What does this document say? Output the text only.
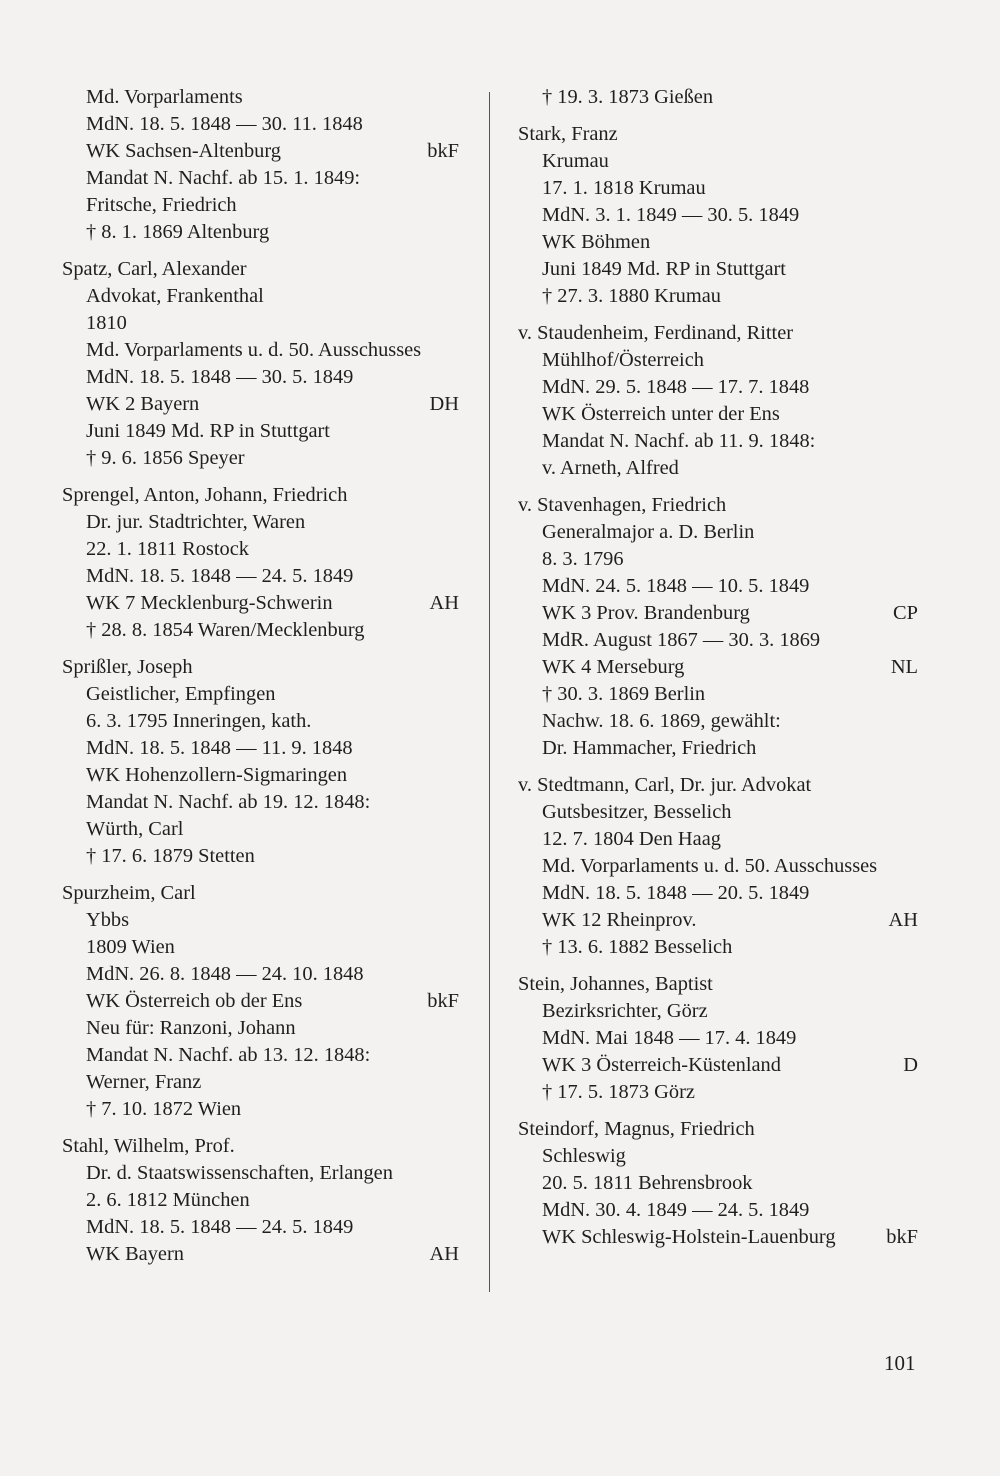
Md. Vorparlaments
MdN. 18. 5. 1848 — 30. 11. 1848
WK Sachsen-Altenburg	bkF
Mandat N. Nachf. ab 15. 1. 1849:
Fritsche, Friedrich
† 8. 1. 1869 Altenburg
Spatz, Carl, Alexander
Advokat, Frankenthal
1810
Md. Vorparlaments u. d. 50. Ausschusses
MdN. 18. 5. 1848 — 30. 5. 1849
WK 2 Bayern	DH
Juni 1849 Md. RP in Stuttgart
† 9. 6. 1856 Speyer
Sprengel, Anton, Johann, Friedrich
Dr. jur. Stadtrichter, Waren
22. 1. 1811 Rostock
MdN. 18. 5. 1848 — 24. 5. 1849
WK 7 Mecklenburg-Schwerin	AH
† 28. 8. 1854 Waren/Mecklenburg
Sprißler, Joseph
Geistlicher, Empfingen
6. 3. 1795 Inneringen, kath.
MdN. 18. 5. 1848 — 11. 9. 1848
WK Hohenzollern-Sigmaringen
Mandat N. Nachf. ab 19. 12. 1848:
Würth, Carl
† 17. 6. 1879 Stetten
Spurzheim, Carl
Ybbs
1809 Wien
MdN. 26. 8. 1848 — 24. 10. 1848
WK Österreich ob der Ens	bkF
Neu für: Ranzoni, Johann
Mandat N. Nachf. ab 13. 12. 1848:
Werner, Franz
† 7. 10. 1872 Wien
Stahl, Wilhelm, Prof.
Dr. d. Staatswissenschaften, Erlangen
2. 6. 1812 München
MdN. 18. 5. 1848 — 24. 5. 1849
WK Bayern	AH
† 19. 3. 1873 Gießen
Stark, Franz
Krumau
17. 1. 1818 Krumau
MdN. 3. 1. 1849 — 30. 5. 1849
WK Böhmen
Juni 1849 Md. RP in Stuttgart
† 27. 3. 1880 Krumau
v. Staudenheim, Ferdinand, Ritter
Mühlhof/Österreich
MdN. 29. 5. 1848 — 17. 7. 1848
WK Österreich unter der Ens
Mandat N. Nachf. ab 11. 9. 1848:
v. Arneth, Alfred
v. Stavenhagen, Friedrich
Generalmajor a. D. Berlin
8. 3. 1796
MdN. 24. 5. 1848 — 10. 5. 1849
WK 3 Prov. Brandenburg	CP
MdR. August 1867 — 30. 3. 1869
WK 4 Merseburg	NL
† 30. 3. 1869 Berlin
Nachw. 18. 6. 1869, gewählt:
Dr. Hammacher, Friedrich
v. Stedtmann, Carl, Dr. jur. Advokat
Gutsbesitzer, Besselich
12. 7. 1804 Den Haag
Md. Vorparlaments u. d. 50. Ausschusses
MdN. 18. 5. 1848 — 20. 5. 1849
WK 12 Rheinprov.	AH
† 13. 6. 1882 Besselich
Stein, Johannes, Baptist
Bezirksrichter, Görz
MdN. Mai 1848 — 17. 4. 1849
WK 3 Österreich-Küstenland	D
† 17. 5. 1873 Görz
Steindorf, Magnus, Friedrich
Schleswig
20. 5. 1811 Behrensbrook
MdN. 30. 4. 1849 — 24. 5. 1849
WK Schleswig-Holstein-Lauenburg	bkF
101
